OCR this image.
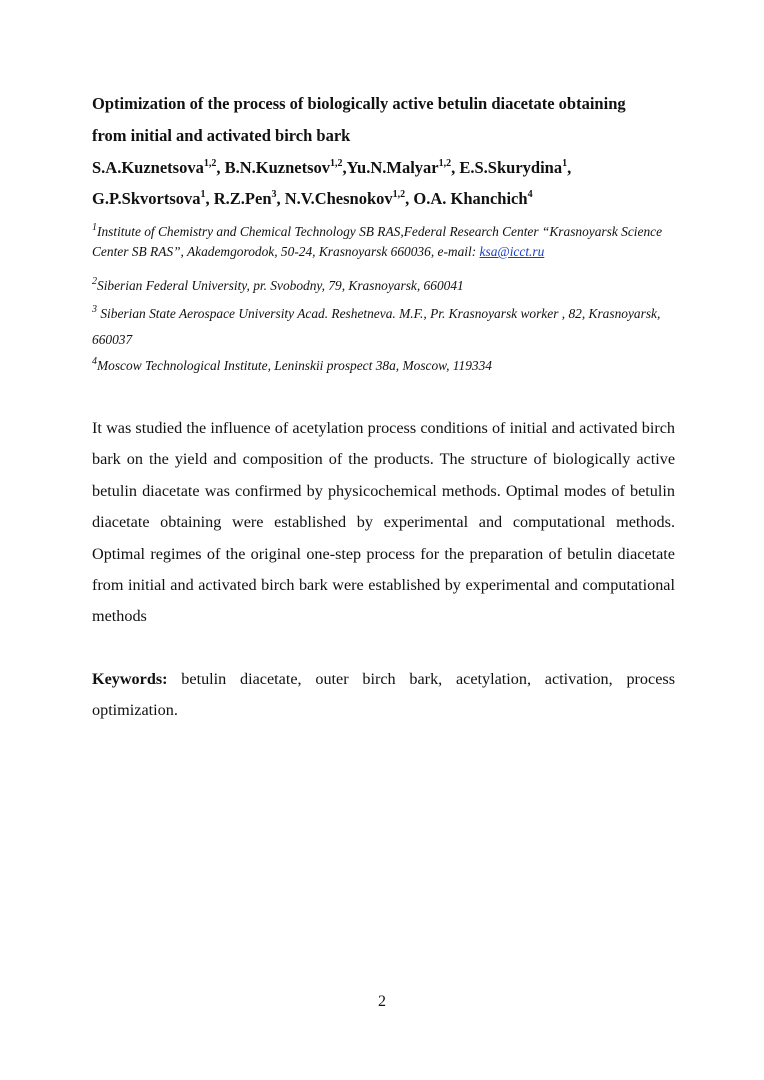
Optimization of the process of biologically active betulin diacetate obtaining
from initial and activated birch bark

S.A.Kuznetsova$^{1,2}$, B.N.Kuznetsov$^{1,2}$,Yu.N.Malyar$^{1,2}$, E.S.Skurydina$^1$,
G.P.Skvortsova$^1$, R.Z.Pen$^3$, N.V.Chesnokov$^{1,2}$, O.A. Khanchich$^4$

$^1$Institute of Chemistry and Chemical Technology SB RAS,Federal Research Center “Krasnoyarsk Science Center SB RAS”, Akademgorodok, 50-24, Krasnoyarsk 660036, e-mail: ksa@icct.ru

$^2$Siberian Federal University, pr. Svobodny, 79, Krasnoyarsk, 660041

$^3$ Siberian State Aerospace University Acad. Reshetneva. M.F., Pr. Krasnoyarsk worker , 82, Krasnoyarsk, 660037

$^4$Moscow Technological Institute, Leninskii prospect 38a, Moscow, 119334

It was studied the influence of acetylation process conditions of initial and activated birch bark on the yield and composition of the products. The structure of biologically active betulin diacetate was confirmed by physicochemical methods. Optimal modes of betulin diacetate obtaining were established by experimental and computational methods. Optimal regimes of the original one-step process for the preparation of betulin diacetate from initial and activated birch bark were established by experimental and computational methods

Keywords: betulin diacetate, outer birch bark, acetylation, activation, process optimization.

2
